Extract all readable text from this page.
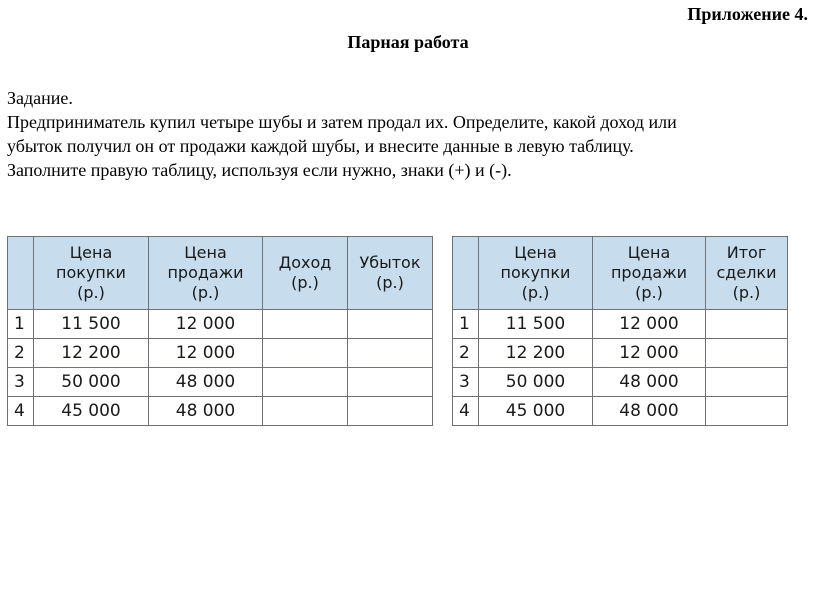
Приложение 4.
Парная работа

Задание.

Предприниматель купил четыре шубы и затем продал их. Определите, какой доход или

убыток получил он от продажи каждой шубы, и внесите данные в левую таблицу.

Заполните правую таблицу, используя если нужно, знаки (+) и (-).

	Цена
покупки
(р.)	Цена
продажи
(р.)	Доход
(р.)	Убыток
(р.)

1	11 500	12 000		
2	12 200	12 000		
3	50 000	48 000		
4	45 000	48 000		

	Цена
покупки
(р.)	Цена
продажи
(р.)	Итог
сделки
(р.)

1	11 500	12 000	
2	12 200	12 000	
3	50 000	48 000	
4	45 000	48 000	
